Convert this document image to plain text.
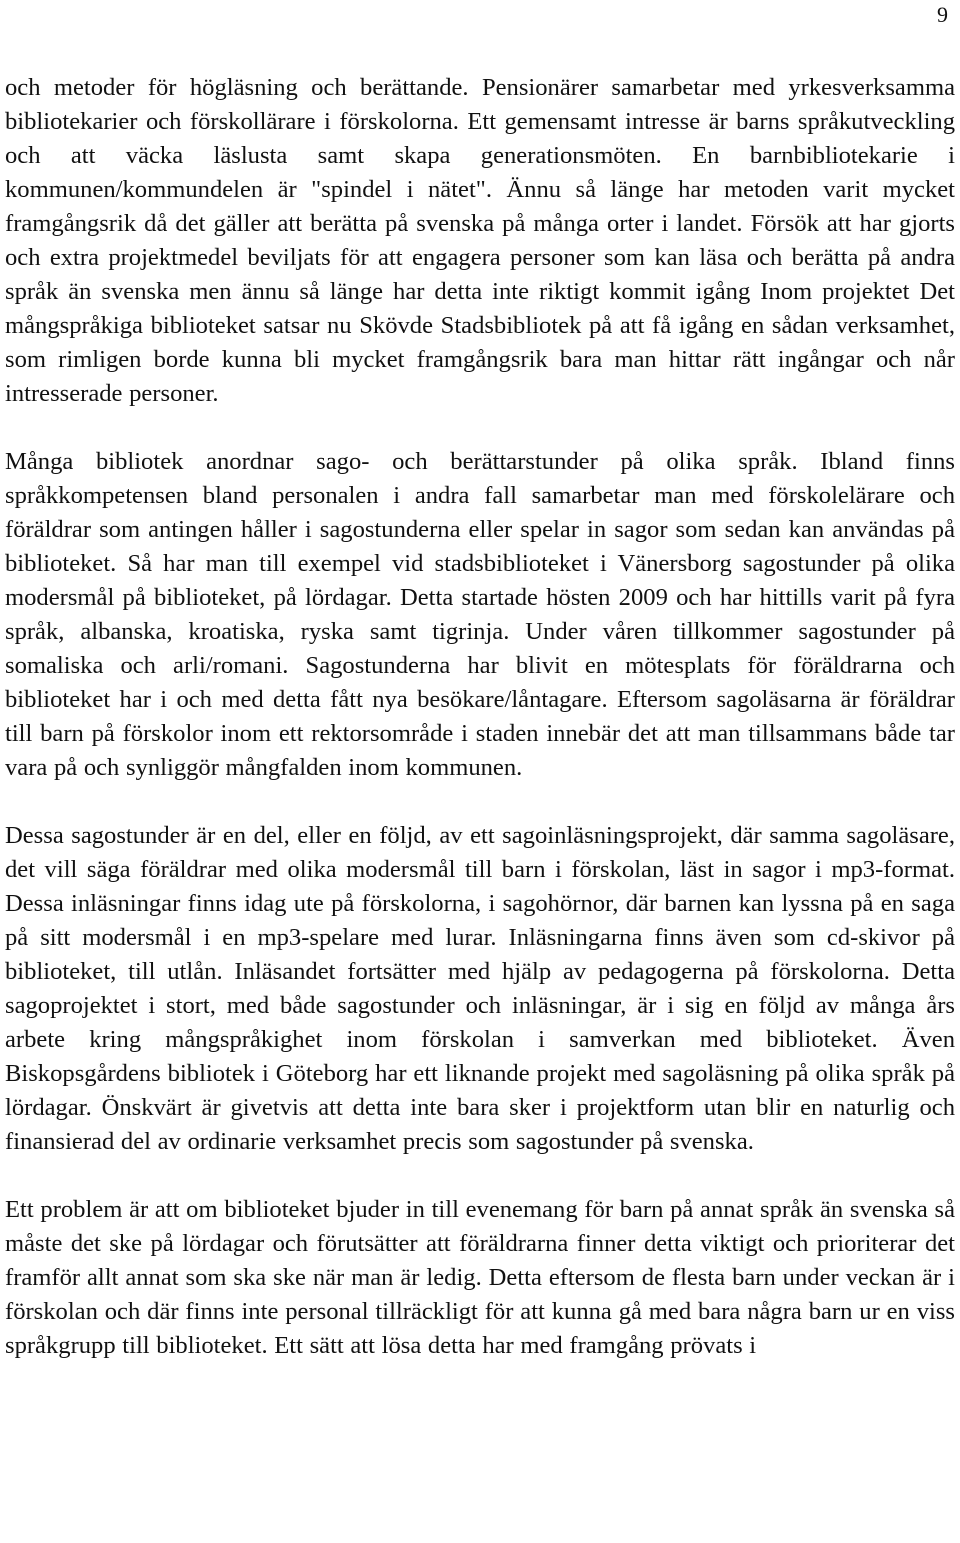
9

och metoder för högläsning och berättande. Pensionärer samarbetar med yrkesverksamma bibliotekarier och förskollärare i förskolorna. Ett gemensamt intresse är barns språkutveckling och att väcka läslusta samt skapa generationsmöten. En barnbibliotekarie i kommunen/kommundelen är "spindel i nätet". Ännu så länge har metoden varit mycket framgångsrik då det gäller att berätta på svenska på många orter i landet. Försök att har gjorts och extra projektmedel beviljats för att engagera personer som kan läsa och berätta på andra språk än svenska men ännu så länge har detta inte riktigt kommit igång Inom projektet Det mångspråkiga biblioteket satsar nu Skövde Stadsbibliotek på att få igång en sådan verksamhet, som rimligen borde kunna bli mycket framgångsrik bara man hittar rätt ingångar och når intresserade personer.

Många bibliotek anordnar sago- och berättarstunder på olika språk. Ibland finns språkkompetensen bland personalen i andra fall samarbetar man med förskolelärare och föräldrar som antingen håller i sagostunderna eller spelar in sagor som sedan kan användas på biblioteket. Så har man till exempel vid stadsbiblioteket i Vänersborg sagostunder på olika modersmål på biblioteket, på lördagar. Detta startade hösten 2009 och har hittills varit på fyra språk, albanska, kroatiska, ryska samt tigrinja. Under våren tillkommer sagostunder på somaliska och arli/romani. Sagostunderna har blivit en mötesplats för föräldrarna och biblioteket har i och med detta fått nya besökare/låntagare. Eftersom sagoläsarna är föräldrar till barn på förskolor inom ett rektorsområde i staden innebär det att man tillsammans både tar vara på och synliggör mångfalden inom kommunen.

Dessa sagostunder är en del, eller en följd, av ett sagoinläsningsprojekt, där samma sagoläsare, det vill säga föräldrar med olika modersmål till barn i förskolan, läst in sagor i mp3-format. Dessa inläsningar finns idag ute på förskolorna, i sagohörnor, där barnen kan lyssna på en saga på sitt modersmål i en mp3-spelare med lurar. Inläsningarna finns även som cd-skivor på biblioteket, till utlån. Inläsandet fortsätter med hjälp av pedagogerna på förskolorna. Detta sagoprojektet i stort, med både sagostunder och inläsningar, är i sig en följd av många års arbete kring mångspråkighet inom förskolan i samverkan med biblioteket. Även Biskopsgårdens bibliotek i Göteborg har ett liknande projekt med sagoläsning på olika språk på lördagar. Önskvärt är givetvis att detta inte bara sker i projektform utan blir en naturlig och finansierad del av ordinarie verksamhet precis som sagostunder på svenska.

Ett problem är att om biblioteket bjuder in till evenemang för barn på annat språk än svenska så måste det ske på lördagar och förutsätter att föräldrarna finner detta viktigt och prioriterar det framför allt annat som ska ske när man är ledig. Detta eftersom de flesta barn under veckan är i förskolan och där finns inte personal tillräckligt för att kunna gå med bara några barn ur en viss språkgrupp till biblioteket. Ett sätt att lösa detta har med framgång prövats i
